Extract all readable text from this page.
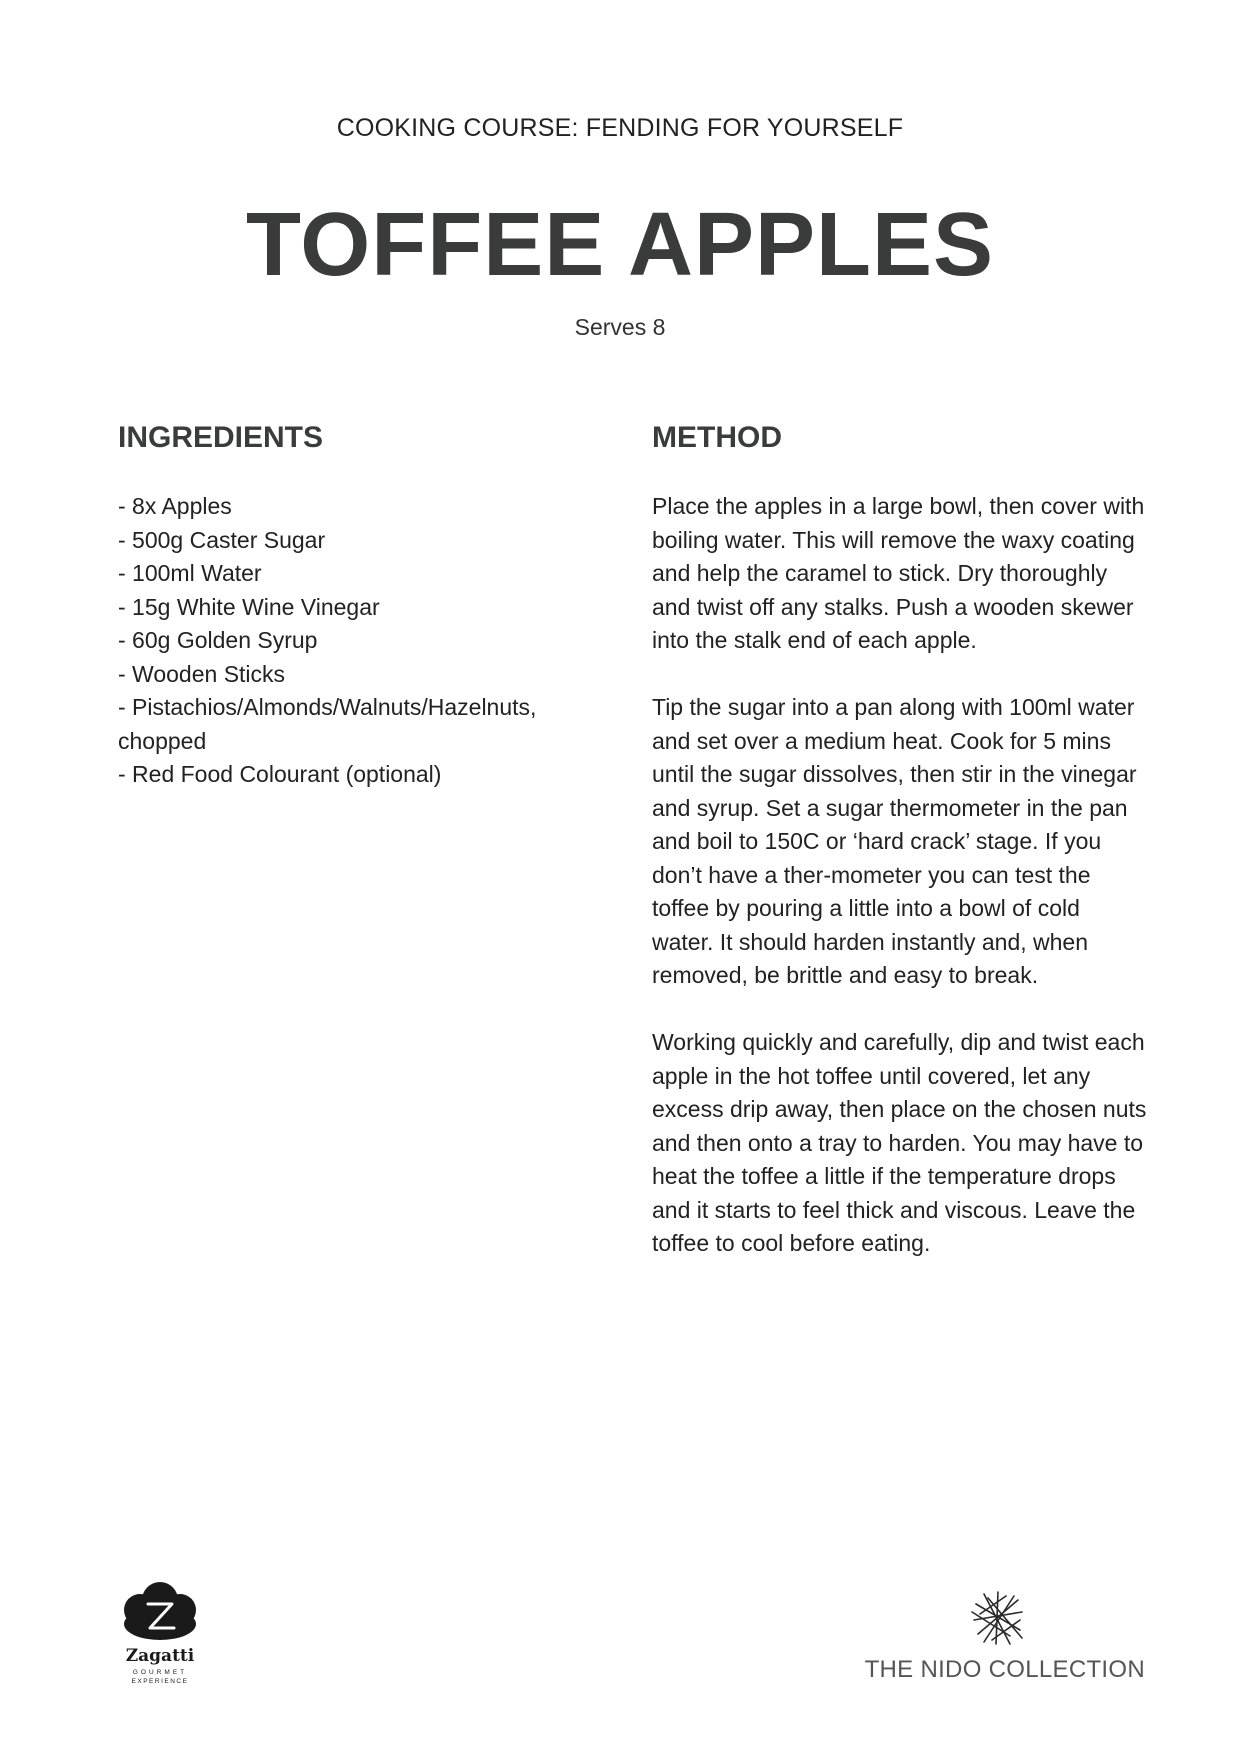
COOKING COURSE: FENDING FOR YOURSELF
TOFFEE APPLES
Serves 8
INGREDIENTS
- 8x Apples
- 500g Caster Sugar
- 100ml Water
- 15g White Wine Vinegar
- 60g Golden Syrup
- Wooden Sticks
- Pistachios/Almonds/Walnuts/Hazelnuts, chopped
- Red Food Colourant (optional)
METHOD

Place the apples in a large bowl, then cover with boiling water. This will remove the waxy coating and help the caramel to stick. Dry thoroughly and twist off any stalks. Push a wooden skewer into the stalk end of each apple.

Tip the sugar into a pan along with 100ml water and set over a medium heat. Cook for 5 mins until the sugar dissolves, then stir in the vinegar and syrup. Set a sugar thermometer in the pan and boil to 150C or ‘hard crack’ stage. If you don’t have a ther-mometer you can test the toffee by pouring a little into a bowl of cold water. It should harden instantly and, when removed, be brittle and easy to break.

Working quickly and carefully, dip and twist each apple in the hot toffee until covered, let any excess drip away, then place on the chosen nuts and then onto a tray to harden. You may have to heat the toffee a little if the temperature drops and it starts to feel thick and viscous. Leave the toffee to cool before eating.

Zagatti
GOURMET
EXPERIENCE	THE NIDO COLLECTION
